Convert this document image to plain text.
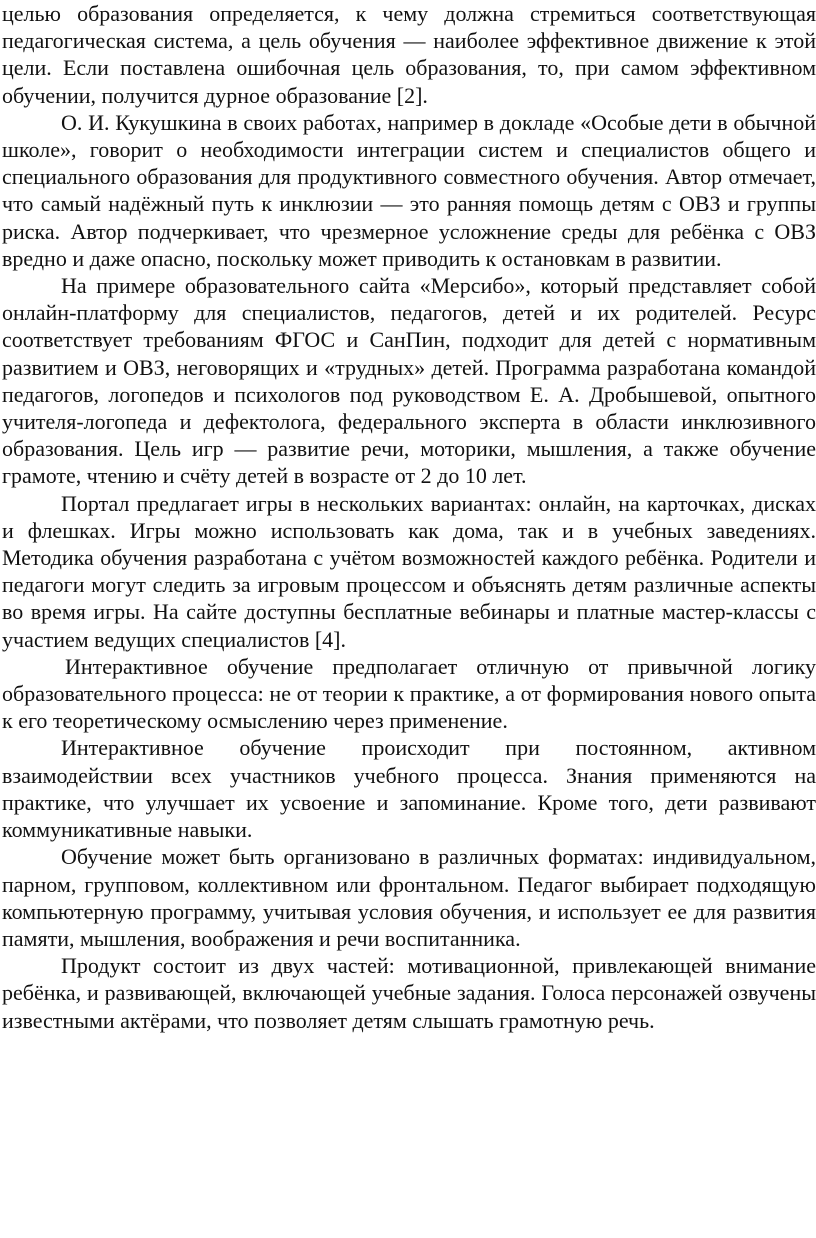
целью образования определяется, к чему должна стремиться соответствующая педагогическая система, а цель обучения — наиболее эффективное движение к этой цели. Если поставлена ошибочная цель образования, то, при самом эффективном обучении, получится дурное образование [2].

О. И. Кукушкина в своих работах, например в докладе «Особые дети в обычной школе», говорит о необходимости интеграции систем и специалистов общего и специального образования для продуктивного совместного обучения. Автор отмечает, что самый надёжный путь к инклюзии — это ранняя помощь детям с ОВЗ и группы риска. Автор подчеркивает, что чрезмерное усложнение среды для ребёнка с ОВЗ вредно и даже опасно, поскольку может приводить к остановкам в развитии.

На примере образовательного сайта «Мерсибо», который представляет собой онлайн-платформу для специалистов, педагогов, детей и их родителей. Ресурс соответствует требованиям ФГОС и СанПин, подходит для детей с нормативным развитием и ОВЗ, неговорящих и «трудных» детей. Программа разработана командой педагогов, логопедов и психологов под руководством Е. А. Дробышевой, опытного учителя-логопеда и дефектолога, федерального эксперта в области инклюзивного образования. Цель игр — развитие речи, моторики, мышления, а также обучение грамоте, чтению и счёту детей в возрасте от 2 до 10 лет.

Портал предлагает игры в нескольких вариантах: онлайн, на карточках, дисках и флешках. Игры можно использовать как дома, так и в учебных заведениях. Методика обучения разработана с учётом возможностей каждого ребёнка. Родители и педагоги могут следить за игровым процессом и объяснять детям различные аспекты во время игры. На сайте доступны бесплатные вебинары и платные мастер-классы с участием ведущих специалистов [4].

Интерактивное обучение предполагает отличную от привычной логику образовательного процесса: не от теории к практике, а от формирования нового опыта к его теоретическому осмыслению через применение.

Интерактивное обучение происходит при постоянном, активном взаимодействии всех участников учебного процесса. Знания применяются на практике, что улучшает их усвоение и запоминание. Кроме того, дети развивают коммуникативные навыки.

Обучение может быть организовано в различных форматах: индивидуальном, парном, групповом, коллективном или фронтальном. Педагог выбирает подходящую компьютерную программу, учитывая условия обучения, и использует ее для развития памяти, мышления, воображения и речи воспитанника.

Продукт состоит из двух частей: мотивационной, привлекающей внимание ребёнка, и развивающей, включающей учебные задания. Голоса персонажей озвучены известными актёрами, что позволяет детям слышать грамотную речь.
